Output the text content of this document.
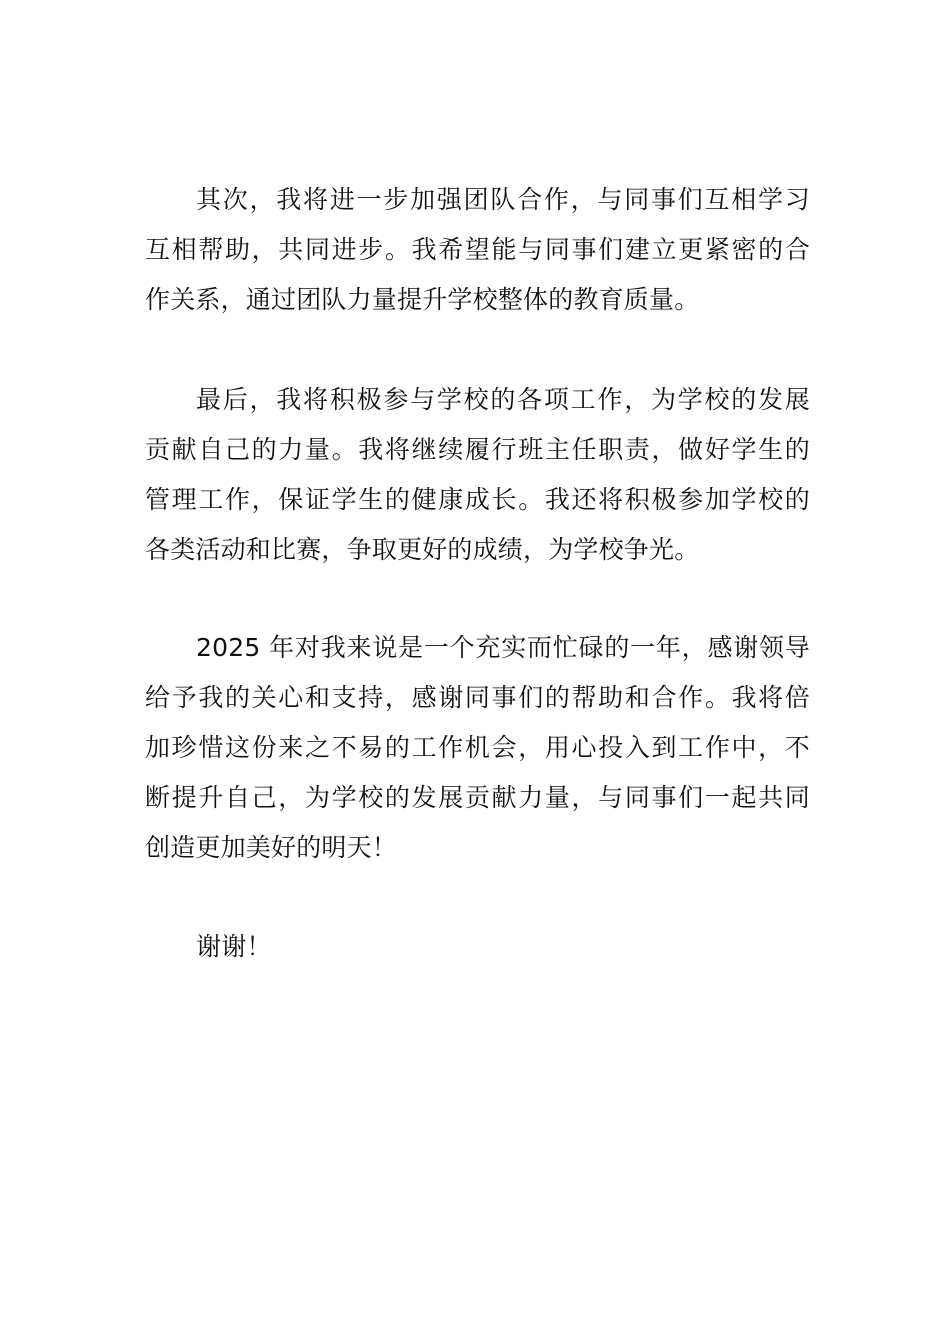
其次，我将进一步加强团队合作，与同事们互相学习
互相帮助，共同进步。我希望能与同事们建立更紧密的合
作关系，通过团队力量提升学校整体的教育质量。
最后，我将积极参与学校的各项工作，为学校的发展
贡献自己的力量。我将继续履行班主任职责，做好学生的
管理工作，保证学生的健康成长。我还将积极参加学校的
各类活动和比赛，争取更好的成绩，为学校争光。
2025 年对我来说是一个充实而忙碌的一年，感谢领导
给予我的关心和支持，感谢同事们的帮助和合作。我将倍
加珍惜这份来之不易的工作机会，用心投入到工作中，不
断提升自己，为学校的发展贡献力量，与同事们一起共同
创造更加美好的明天！
谢谢！
